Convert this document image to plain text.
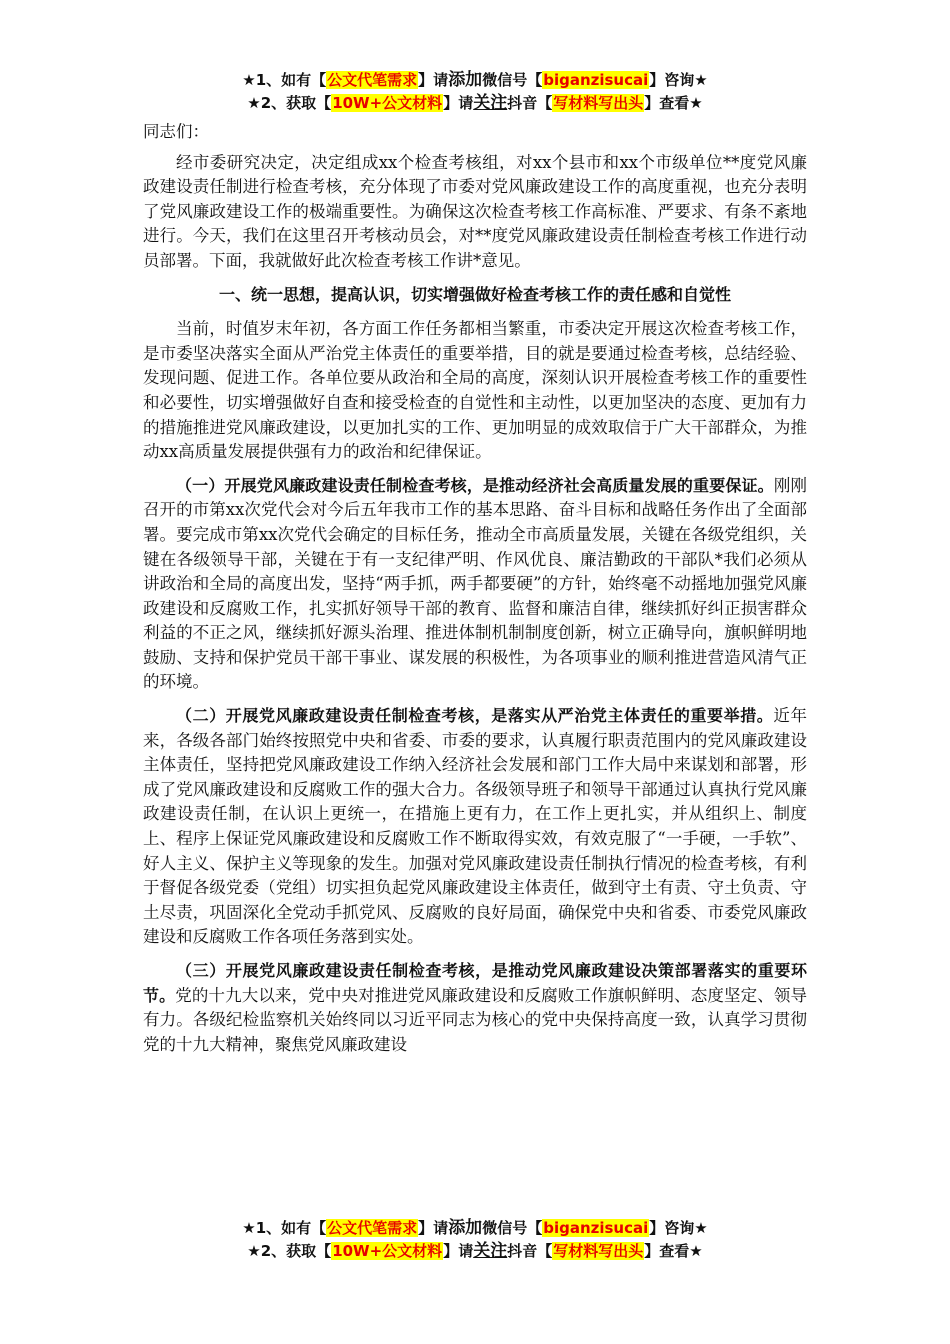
★1、如有【公文代笔需求】请添加微信号【biganzisucai】咨询★
★2、获取【10W+公文材料】请关注抖音【写材料写出头】查看★

同志们：

经市委研究决定，决定组成xx个检查考核组，对xx个县市和xx个市级单位**度党风廉政建设责任制进行检查考核，充分体现了市委对党风廉政建设工作的高度重视，也充分表明了党风廉政建设工作的极端重要性。为确保这次检查考核工作高标准、严要求、有条不紊地进行。今天，我们在这里召开考核动员会，对**度党风廉政建设责任制检查考核工作进行动员部署。下面，我就做好此次检查考核工作讲*意见。

一、统一思想，提高认识，切实增强做好检查考核工作的责任感和自觉性

当前，时值岁末年初，各方面工作任务都相当繁重，市委决定开展这次检查考核工作，是市委坚决落实全面从严治党主体责任的重要举措，目的就是要通过检查考核，总结经验、发现问题、促进工作。各单位要从政治和全局的高度，深刻认识开展检查考核工作的重要性和必要性，切实增强做好自查和接受检查的自觉性和主动性，以更加坚决的态度、更加有力的措施推进党风廉政建设，以更加扎实的工作、更加明显的成效取信于广大干部群众，为推动xx高质量发展提供强有力的政治和纪律保证。

（一）开展党风廉政建设责任制检查考核，是推动经济社会高质量发展的重要保证。刚刚召开的市第xx次党代会对今后五年我市工作的基本思路、奋斗目标和战略任务作出了全面部署。要完成市第xx次党代会确定的目标任务，推动全市高质量发展，关键在各级党组织，关键在各级领导干部，关键在于有一支纪律严明、作风优良、廉洁勤政的干部队*我们必须从讲政治和全局的高度出发，坚持“两手抓，两手都要硬”的方针，始终毫不动摇地加强党风廉政建设和反腐败工作，扎实抓好领导干部的教育、监督和廉洁自律，继续抓好纠正损害群众利益的不正之风，继续抓好源头治理、推进体制机制制度创新，树立正确导向，旗帜鲜明地鼓励、支持和保护党员干部干事业、谋发展的积极性，为各项事业的顺利推进营造风清气正的环境。

（二）开展党风廉政建设责任制检查考核，是落实从严治党主体责任的重要举措。近年来，各级各部门始终按照党中央和省委、市委的要求，认真履行职责范围内的党风廉政建设主体责任，坚持把党风廉政建设工作纳入经济社会发展和部门工作大局中来谋划和部署，形成了党风廉政建设和反腐败工作的强大合力。各级领导班子和领导干部通过认真执行党风廉政建设责任制，在认识上更统一，在措施上更有力，在工作上更扎实，并从组织上、制度上、程序上保证党风廉政建设和反腐败工作不断取得实效，有效克服了“一手硬，一手软”、好人主义、保护主义等现象的发生。加强对党风廉政建设责任制执行情况的检查考核，有利于督促各级党委（党组）切实担负起党风廉政建设主体责任，做到守土有责、守土负责、守土尽责，巩固深化全党动手抓党风、反腐败的良好局面，确保党中央和省委、市委党风廉政建设和反腐败工作各项任务落到实处。

（三）开展党风廉政建设责任制检查考核，是推动党风廉政建设决策部署落实的重要环节。党的十九大以来，党中央对推进党风廉政建设和反腐败工作旗帜鲜明、态度坚定、领导有力。各级纪检监察机关始终同以习近平同志为核心的党中央保持高度一致，认真学习贯彻党的十九大精神，聚焦党风廉政建设

★1、如有【公文代笔需求】请添加微信号【biganzisucai】咨询★
★2、获取【10W+公文材料】请关注抖音【写材料写出头】查看★
